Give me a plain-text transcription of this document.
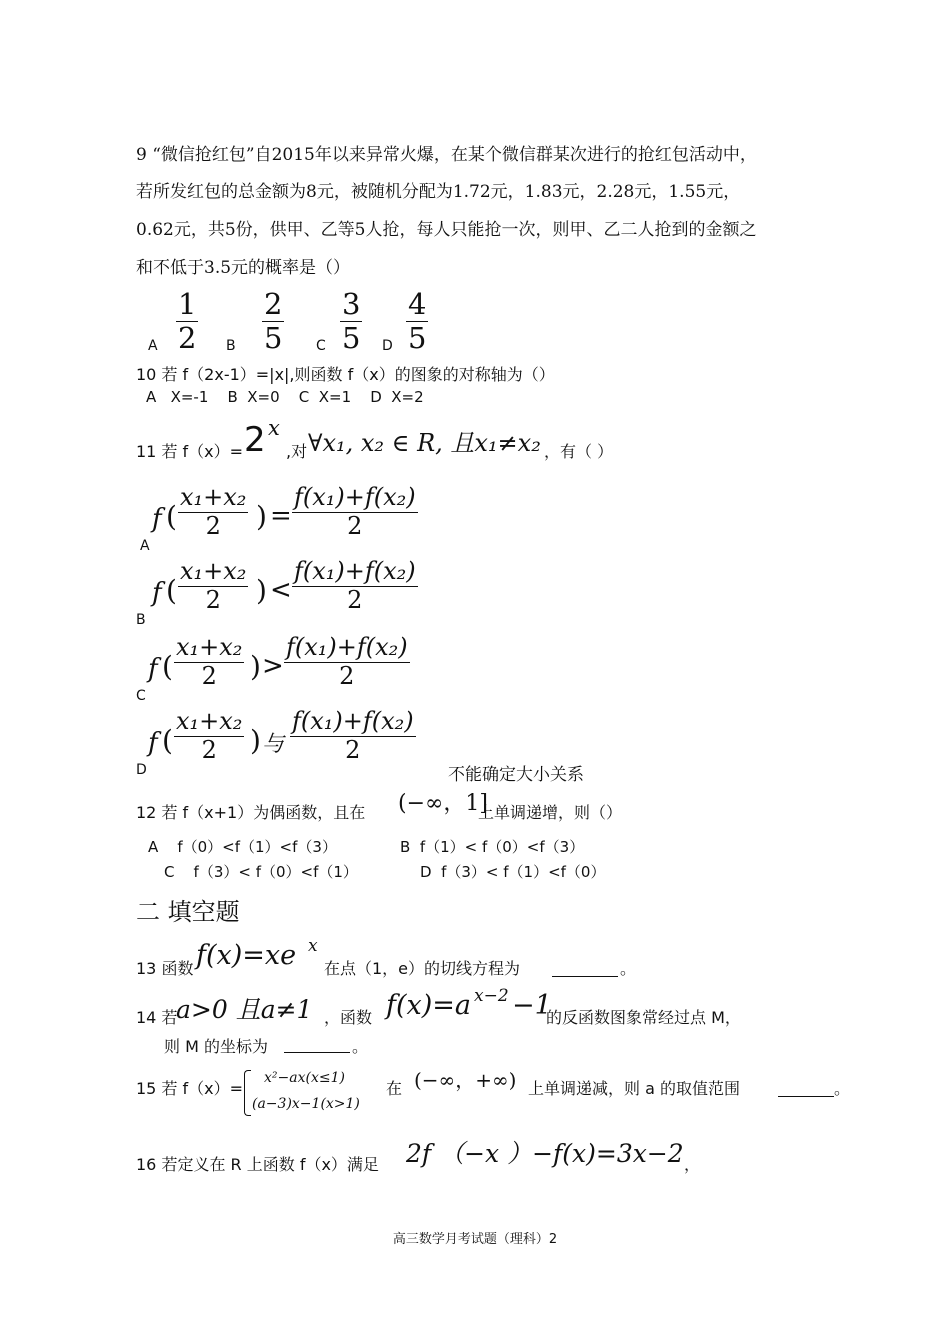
9 “微信抢红包”自2015年以来异常火爆，在某个微信群某次进行的抢红包活动中，
若所发红包的总金额为8元，被随机分配为1.72元，1.83元，2.28元，1.55元，
0.62元，共5份，供甲、乙等5人抢，每人只能抢一次，则甲、乙二人抢到的金额之
和不低于3.5元的概率是（）
A
1
2 B
2
5 C
3
5 D
4
5
10 若 f（2x-1）=|x|,则函数 f（x）的图象的对称轴为（）
A   X=-1    B  X=0    C  X=1    D  X=2
11 若 f（x）= 2 x
,对 ∀x₁, x₂ ∈ R, 且x₁≠x₂ ，有（ ）
A
f (
x₁+x₂
2 ) =
f(x₁)+f(x₂)
2
B
f (
x₁+x₂
2 ) <
f(x₁)+f(x₂)
2
C
f (
x₁+x₂
2 ) >
f(x₁)+f(x₂)
2
D
f (
x₁+x₂
2 ) 与
f(x₁)+f(x₂)
2
不能确定大小关系
12 若 f（x+1）为偶函数，且在 (−∞，1]
上单调递增，则（）
A    f（0）<f（1）<f（3）	B  f（1）< f（0）<f（3）
C    f（3）< f（0）<f（1）	D  f（3）< f（1）<f（0）
二 填空题
13 函数 f(x)=xe x
在点（1，e）的切线方程为	。
14 若
a>0 且a≠1 ，函数 f(x)=a x−2 −1
的反函数图象常经过点 M，
则 M 的坐标为	。
15 若 f（x）=
x²−ax(x≤1)
(a−3)x−1(x>1)
在 (−∞，+∞) 上单调递减，则 a 的取值范围	。
16 若定义在 R 上函数 f（x）满足 2f （−x ）−f(x)=3x−2 ，
高三数学月考试题（理科）2
